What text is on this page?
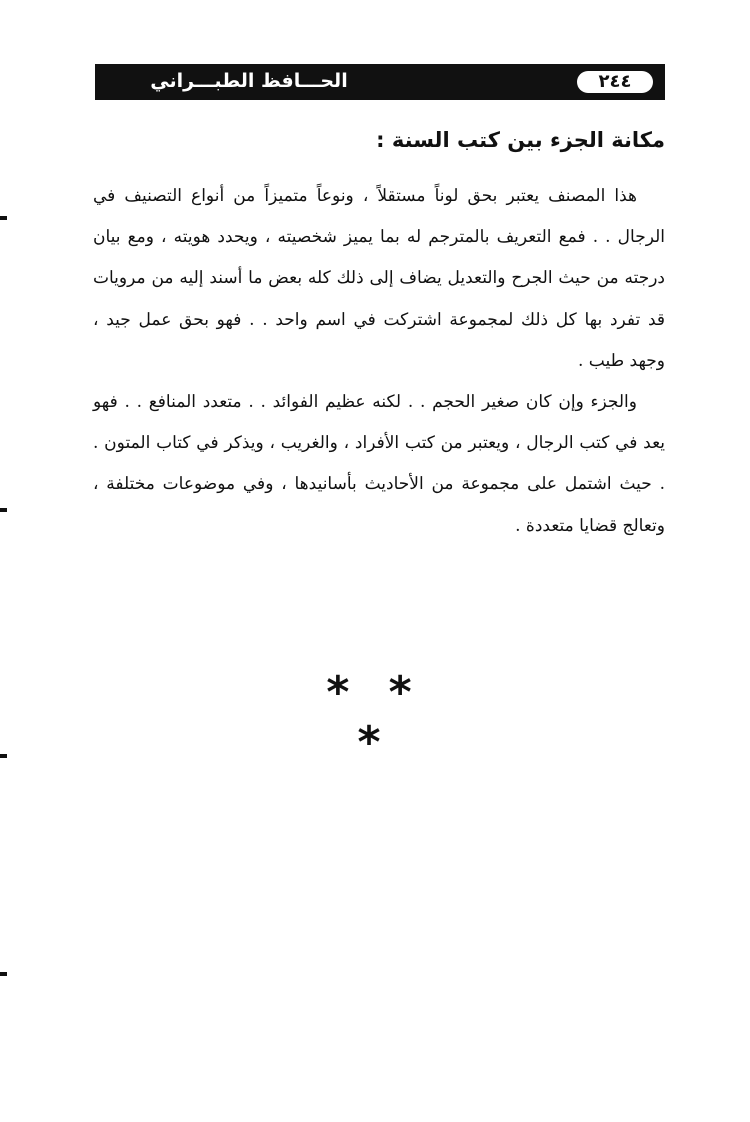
٢٤٤
الحـــافظ الطبـــراني
مكانة الجزء بين كتب السنة :

هذا المصنف يعتبر بحق لوناً مستقلاً ، ونوعاً متميزاً من أنواع التصنيف في الرجال . . فمع التعريف بالمترجم له بما يميز شخصيته ، ويحدد هويته ، ومع بيان درجته من حيث الجرح والتعديل يضاف إلى ذلك كله بعض ما أسند إليه من مرويات قد تفرد بها كل ذلك لمجموعة اشتركت في اسم واحد . . فهو بحق عمل جيد ، وجهد طيب .

والجزء وإن كان صغير الحجم . . لكنه عظيم الفوائد . . متعدد المنافع . . فهو يعد في كتب الرجال ، ويعتبر من كتب الأفراد ، والغريب ، ويذكر في كتاب المتون . . حيث اشتمل على مجموعة من الأحاديث بأسانيدها ، وفي موضوعات مختلفة ، وتعالج قضايا متعددة .

* * *
